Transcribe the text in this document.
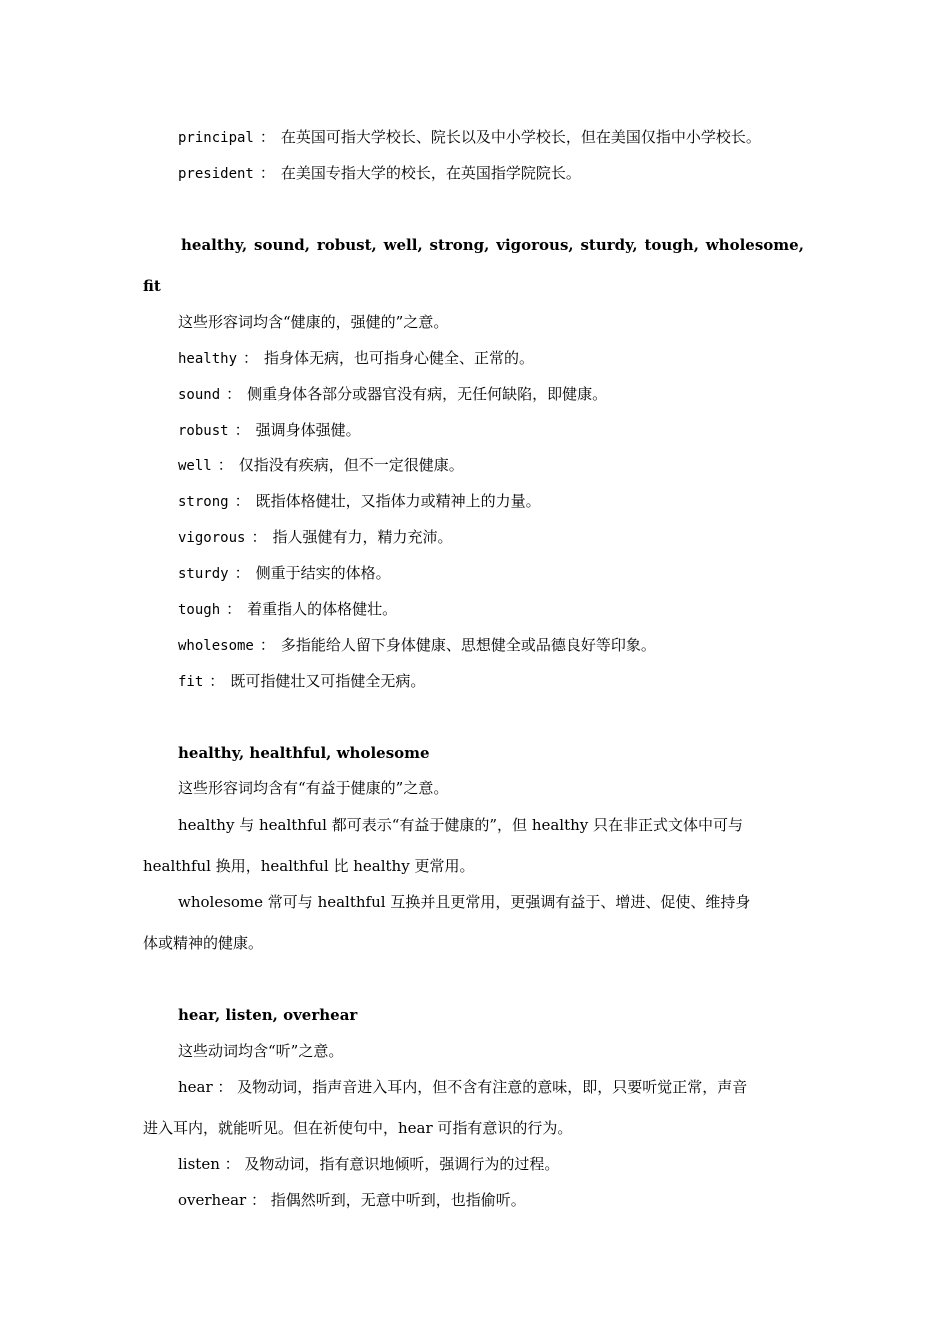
principal ： 在英国可指大学校长、院长以及中小学校长，但在美国仅指中小学校长。
president ： 在美国专指大学的校长，在英国指学院院长。
healthy, sound, robust, well, strong, vigorous, sturdy, tough, wholesome,
fit
这些形容词均含“健康的，强健的”之意。
healthy ： 指身体无病，也可指身心健全、正常的。
sound ： 侧重身体各部分或器官没有病，无任何缺陷，即健康。
robust ： 强调身体强健。
well ： 仅指没有疾病，但不一定很健康。
strong ： 既指体格健壮，又指体力或精神上的力量。
vigorous ： 指人强健有力，精力充沛。
sturdy ： 侧重于结实的体格。
tough ： 着重指人的体格健壮。
wholesome ： 多指能给人留下身体健康、思想健全或品德良好等印象。
fit ： 既可指健壮又可指健全无病。
healthy, healthful, wholesome
这些形容词均含有“有益于健康的”之意。
healthy 与 healthful 都可表示“有益于健康的”，但 healthy 只在非正式文体中可与
healthful 换用，healthful 比 healthy 更常用。
wholesome 常可与 healthful 互换并且更常用，更强调有益于、增进、促使、维持身
体或精神的健康。
hear, listen, overhear
这些动词均含“听”之意。
hear ： 及物动词，指声音进入耳内，但不含有注意的意味，即，只要听觉正常，声音
进入耳内，就能听见。但在祈使句中，hear 可指有意识的行为。
listen ： 及物动词，指有意识地倾听，强调行为的过程。
overhear ： 指偶然听到，无意中听到，也指偷听。
